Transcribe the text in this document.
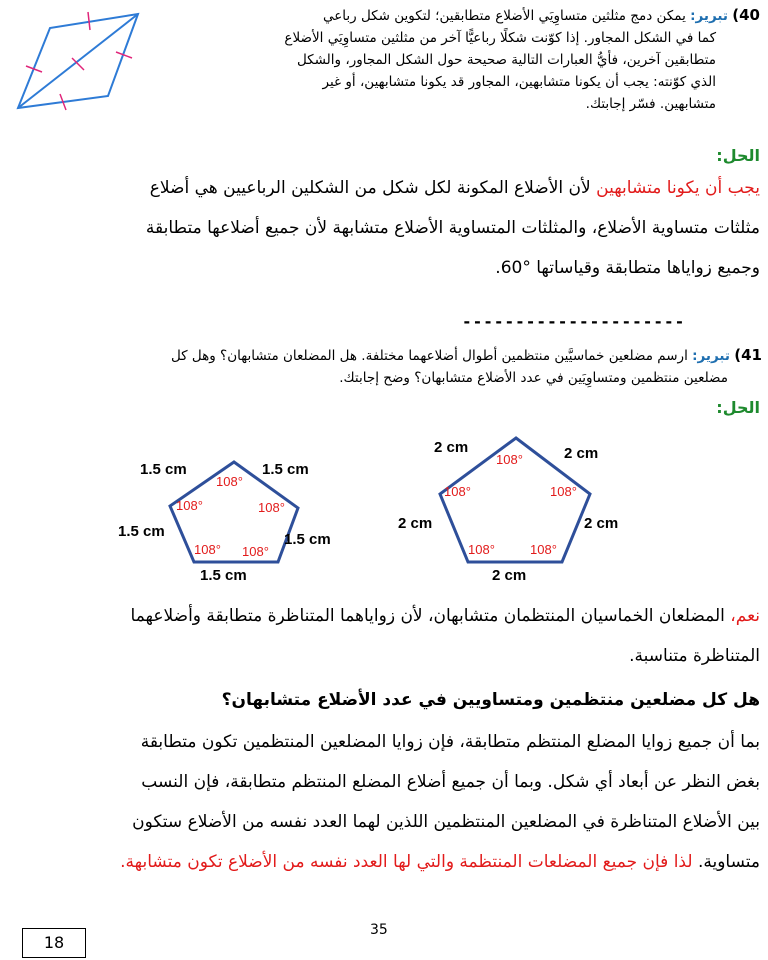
40) تبرير: يمكن دمج مثلثين متساوِيَي الأضلاع متطابقين؛ لتكوين شكل رباعي
كما في الشكل المجاور. إذا كوّنت شكلًا رباعيًّا آخر من مثلثين متساوِيَي الأضلاع
متطابقين آخرين، فأيُّ العبارات التالية صحيحة حول الشكل المجاور، والشكل
الذي كوّنته: يجب أن يكونا متشابهين، المجاور قد يكونا متشابهين، أو غير
متشابهين. فسّر إجابتك.
الحل:
يجب أن يكونا متشابهين لأن الأضلاع المكونة لكل شكل من الشكلين الرباعيين هي أضلاع
مثلثات متساوية الأضلاع، والمثلثات المتساوية الأضلاع متشابهة لأن جميع أضلاعها متطابقة
وجميع زواياها متطابقة وقياساتها °60.
---------------------
41) تبرير: ارسم مضلعين خماسيَّين منتظمين أطوال أضلاعهما مختلفة. هل المضلعان متشابهان؟ وهل كل
مضلعين منتظمين ومتساوِيَين في عدد الأضلاع متشابهان؟ وضح إجابتك.
الحل:
1.5 cm	1.5 cm
1.5 cm	1.5 cm
1.5 cm
108°
108°	108°
108° 108°
2 cm	2 cm
2 cm	2 cm
2 cm
108°
108°	108°
108°	108°
نعم، المضلعان الخماسيان المنتظمان متشابهان، لأن زواياهما المتناظرة متطابقة وأضلاعهما
المتناظرة متناسبة.
هل كل مضلعين منتظمين ومتساويين في عدد الأضلاع متشابهان؟
بما أن جميع زوايا المضلع المنتظم متطابقة، فإن زوايا المضلعين المنتظمين تكون متطابقة
بغض النظر عن أبعاد أي شكل. وبما أن جميع أضلاع المضلع المنتظم متطابقة، فإن النسب
بين الأضلاع المتناظرة في المضلعين المنتظمين اللذين لهما العدد نفسه من الأضلاع ستكون
متساوية. لذا فإن جميع المضلعات المنتظمة والتي لها العدد نفسه من الأضلاع تكون متشابهة.
35
18
